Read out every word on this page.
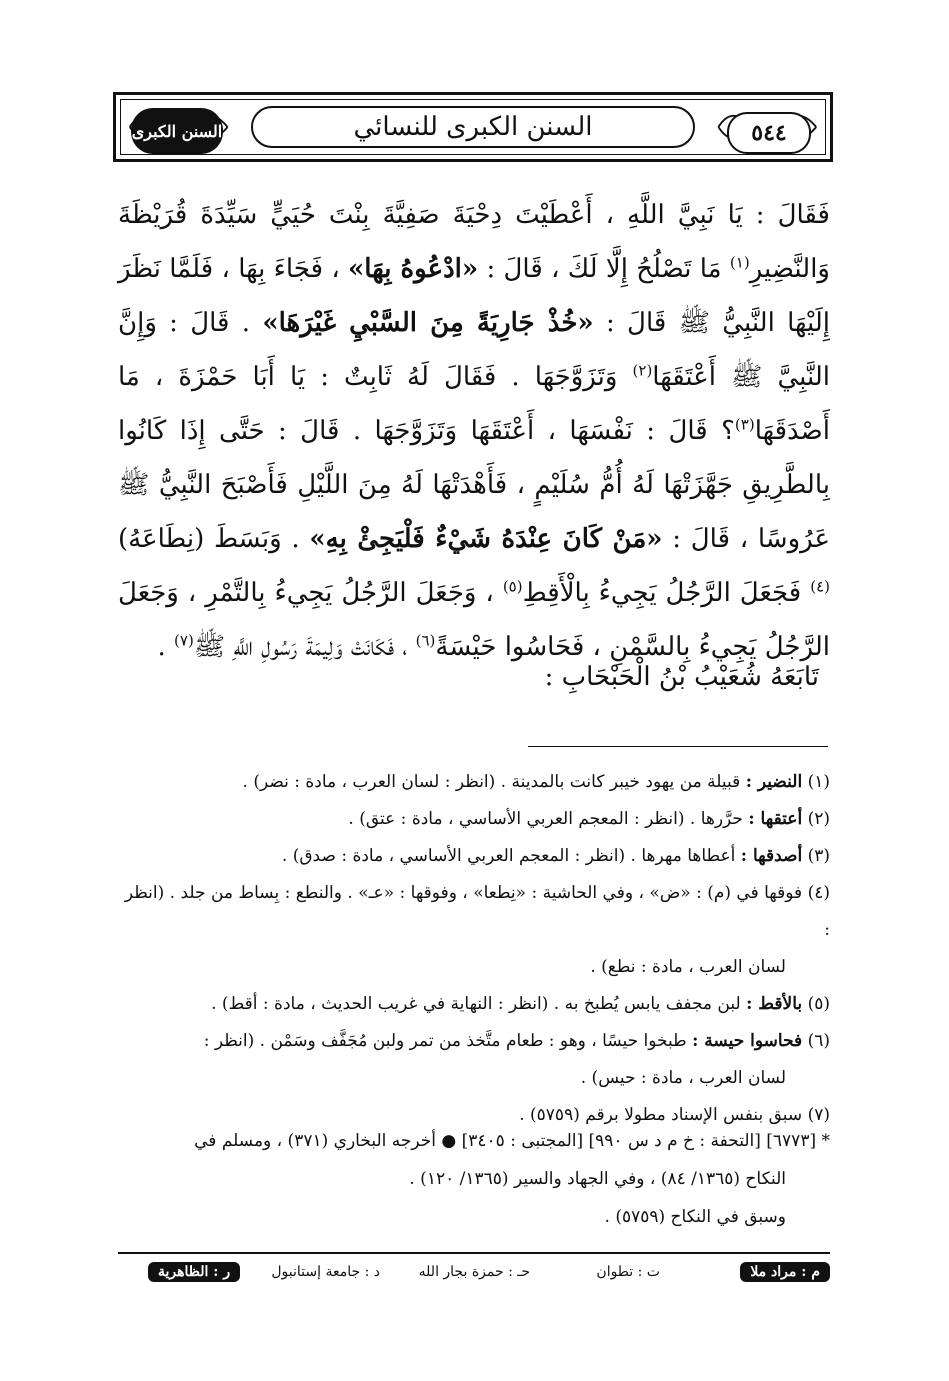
السنن الكبرى	السنن الكبرى للنسائي	٥٤٤

فَقَالَ : يَا نَبِيَّ اللَّهِ ، أَعْطَيْتَ دِحْيَةَ صَفِيَّةَ بِنْتَ حُيَيٍّ سَيِّدَةَ قُرَيْظَةَ وَالنَّضِيرِ$^{(١)}$ مَا تَصْلُحُ إِلَّا لَكَ ، قَالَ : «ادْعُوهُ بِهَا» ، فَجَاءَ بِهَا ، فَلَمَّا نَظَرَ إِلَيْهَا النَّبِيُّ ﷺ قَالَ : «خُذْ جَارِيَةً مِنَ السَّبْيِ غَيْرَهَا» . قَالَ : وَإِنَّ النَّبِيَّ ﷺ أَعْتَقَهَا$^{(٢)}$ وَتَزَوَّجَهَا . فَقَالَ لَهُ ثَابِتٌ : يَا أَبَا حَمْزَةَ ، مَا أَصْدَقَهَا$^{(٣)}$؟ قَالَ : نَفْسَهَا ، أَعْتَقَهَا وَتَزَوَّجَهَا . قَالَ : حَتَّى إِذَا كَانُوا بِالطَّرِيقِ جَهَّزَتْهَا لَهُ أُمُّ سُلَيْمٍ ، فَأَهْدَتْهَا لَهُ مِنَ اللَّيْلِ فَأَصْبَحَ النَّبِيُّ ﷺ عَرُوسًا ، قَالَ : «مَنْ كَانَ عِنْدَهُ شَيْءٌ فَلْيَجِئْ بِهِ» . وَبَسَطَ (نِطَاعَهُ)$^{(٤)}$ فَجَعَلَ الرَّجُلُ يَجِيءُ بِالْأَقِطِ$^{(٥)}$ ، وَجَعَلَ الرَّجُلُ يَجِيءُ بِالتَّمْرِ ، وَجَعَلَ الرَّجُلُ يَجِيءُ بِالسَّمْنِ ، فَحَاسُوا حَيْسَةً$^{(٦)}$ ، فَكَانَتْ وَلِيمَةَ رَسُولِ اللَّهِ ﷺ$^{(٧)}$ .

تَابَعَهُ شُعَيْبُ بْنُ الْحَبْحَابِ :

(١) النضير : قبيلة من يهود خيبر كانت بالمدينة . (انظر : لسان العرب ، مادة : نضر) .

(٢) أعتقها : حرَّرها . (انظر : المعجم العربي الأساسي ، مادة : عتق) .

(٣) أصدقها : أعطاها مهرها . (انظر : المعجم العربي الأساسي ، مادة : صدق) .

(٤) فوقها في (م) : «ض» ، وفي الحاشية : «نِطعا» ، وفوقها : «عـ» . والنطع : بِساط من جلد . (انظر :
لسان العرب ، مادة : نطع) .

(٥) بالأقط : لبن مجفف يابس يُطبخ به . (انظر : النهاية في غريب الحديث ، مادة : أقط) .

(٦) فحاسوا حيسة : طبخوا حيسًا ، وهو : طعام متَّخذ من تمر ولبن مُجَفَّف وسَمْن . (انظر :
لسان العرب ، مادة : حيس) .

(٧) سبق بنفس الإسناد مطولا برقم (٥٧٥٩) .

* [٦٧٧٣] [التحفة : خ م د س ٩٩٠] [المجتبى : ٣٤٠٥] ● أخرجه البخاري (٣٧١) ، ومسلم في

النكاح (١٣٦٥/ ٨٤) ، وفي الجهاد والسير (١٣٦٥/ ١٢٠) .

وسبق في النكاح (٥٧٥٩) .

م : مراد ملا
ت : تطوان
حـ : حمزة بجار الله
د : جامعة إستانبول
ر : الظاهرية
